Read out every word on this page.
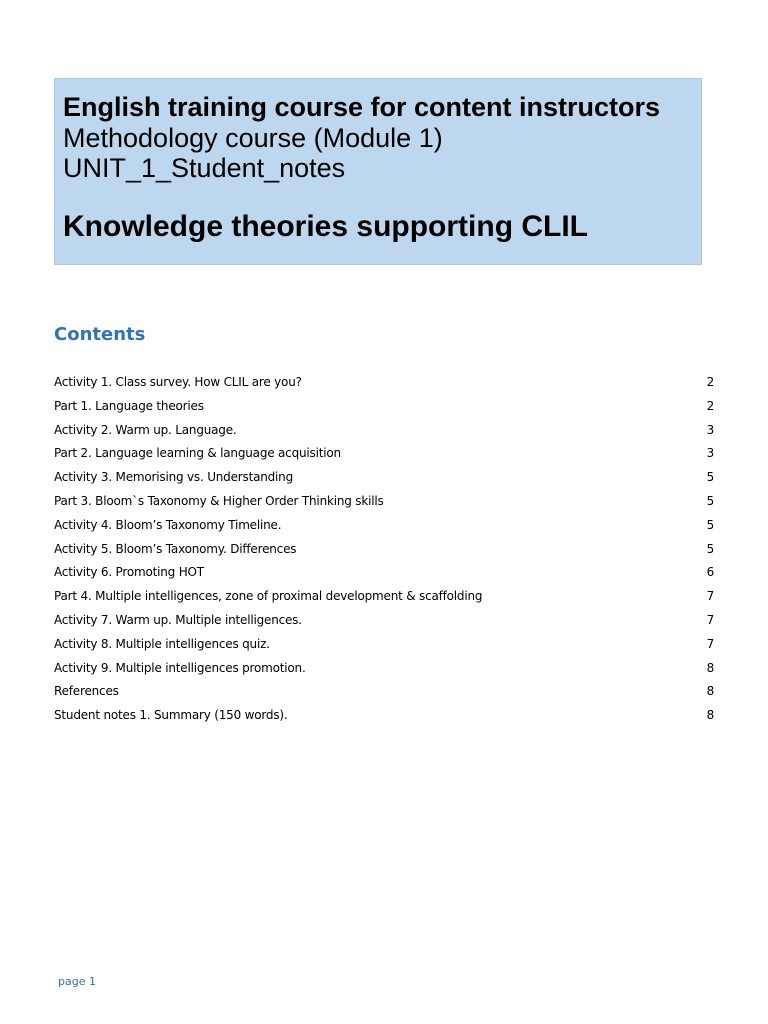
English training course for content instructors

Methodology course (Module 1)

UNIT_1_Student_notes

Knowledge theories supporting CLIL

Contents
Activity 1. Class survey. How CLIL are you?	2
Part 1. Language theories	2
Activity 2. Warm up. Language.	3
Part 2. Language learning & language acquisition	3
Activity 3. Memorising vs. Understanding	5
Part 3. Bloom`s Taxonomy & Higher Order Thinking skills	5
Activity 4. Bloom’s Taxonomy Timeline.	5
Activity 5. Bloom’s Taxonomy. Differences	5
Activity 6. Promoting HOT	6
Part 4. Multiple intelligences, zone of proximal development & scaffolding	7
Activity 7. Warm up. Multiple intelligences.	7
Activity 8. Multiple intelligences quiz.	7
Activity 9. Multiple intelligences promotion.	8
References	8
Student notes 1. Summary (150 words).	8
page 1
